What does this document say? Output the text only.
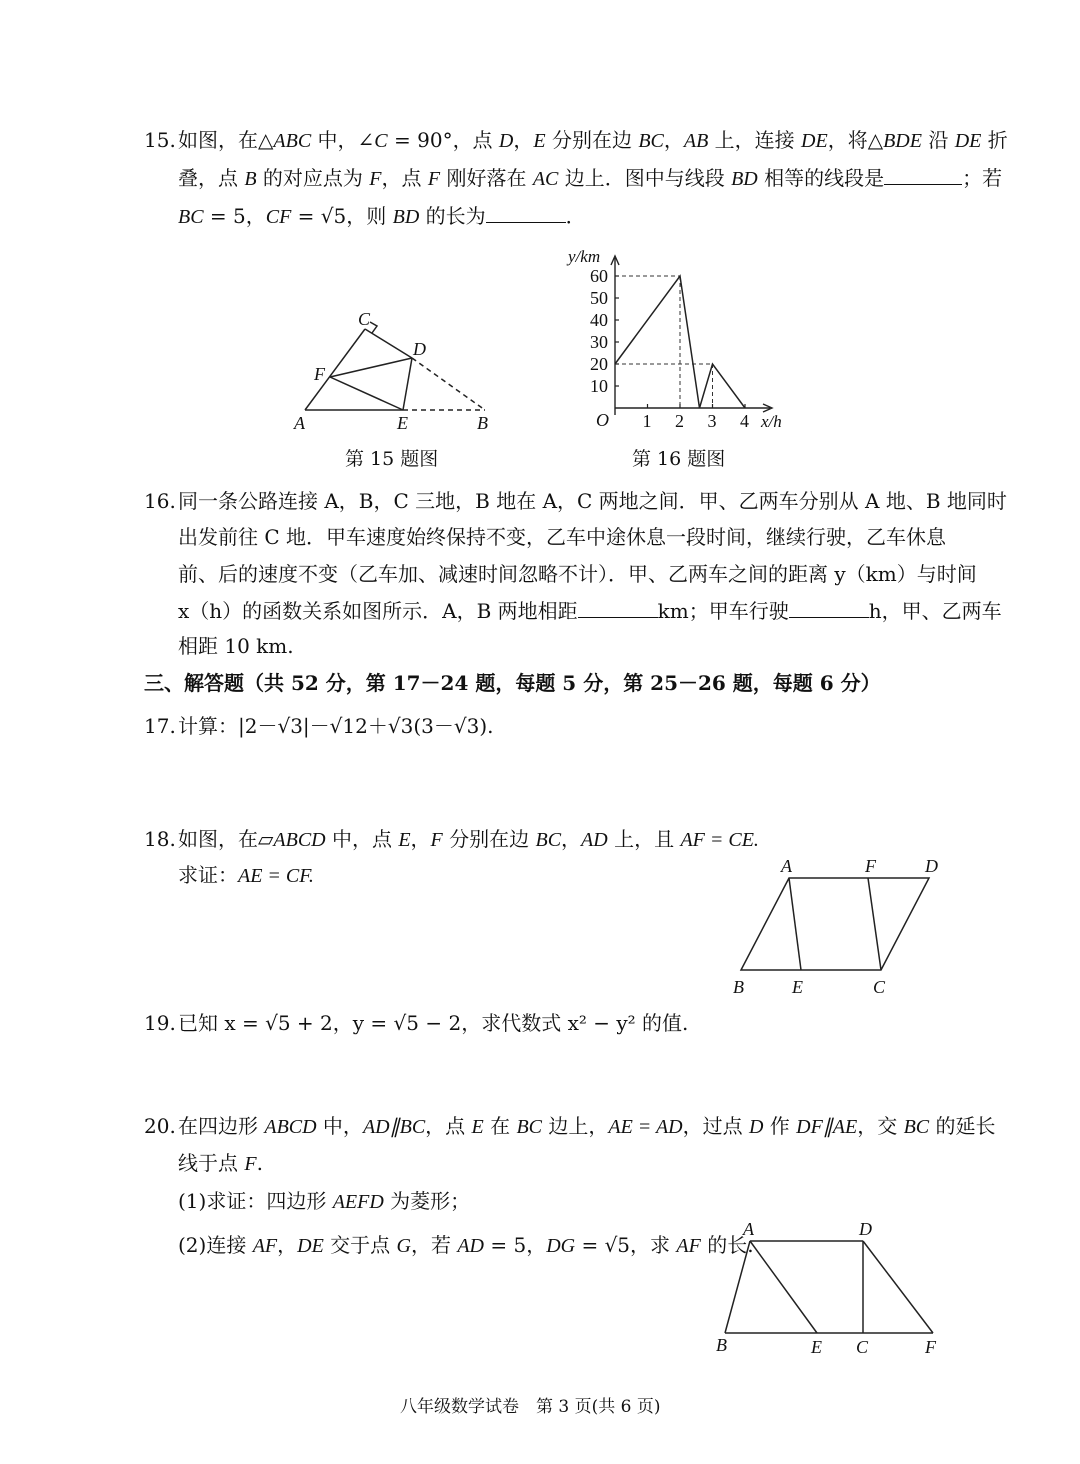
15. 如图，在△ABC 中，∠C = 90°，点 D，E 分别在边 BC，AB 上，连接 DE，将△BDE 沿 DE 折
叠，点 B 的对应点为 F，点 F 刚好落在 AC 边上．图中与线段 BD 相等的线段是	；若
BC = 5，CF = √5，则 BD 的长为	．
C
D
F
A	E	B
第 15 题图
1 2 3 4
10
20
30
40
50
60
y/km
x/h
O
第 16 题图
16. 同一条公路连接 A，B，C 三地，B 地在 A，C 两地之间．甲、乙两车分别从 A 地、B 地同时
出发前往 C 地．甲车速度始终保持不变，乙车中途休息一段时间，继续行驶，乙车休息
前、后的速度不变（乙车加、减速时间忽略不计）．甲、乙两车之间的距离 y（km）与时间
x（h）的函数关系如图所示．A，B 两地相距	km；甲车行驶	h，甲、乙两车
相距 10 km.
三、解答题（共 52 分，第 17－24 题，每题 5 分，第 25－26 题，每题 6 分）
17. 计算：|2－√3|－√12＋√3(3－√3).
18. 如图，在▱ABCD 中，点 E，F 分别在边 BC，AD 上，且 AF = CE.
求证：AE = CF.	A	F	D
B	E	C
19. 已知 x = √5 + 2，y = √5 − 2，求代数式 x² − y² 的值.
20. 在四边形 ABCD 中，AD∥BC，点 E 在 BC 边上，AE = AD，过点 D 作 DF∥AE，交 BC 的延长
线于点 F.
(1)求证：四边形 AEFD 为菱形；
(2)连接 AF，DE 交于点 G，若 AD = 5，DG = √5，求 AF 的长.
A	D
B	E C	F
八年级数学试卷　第 3 页(共 6 页)
